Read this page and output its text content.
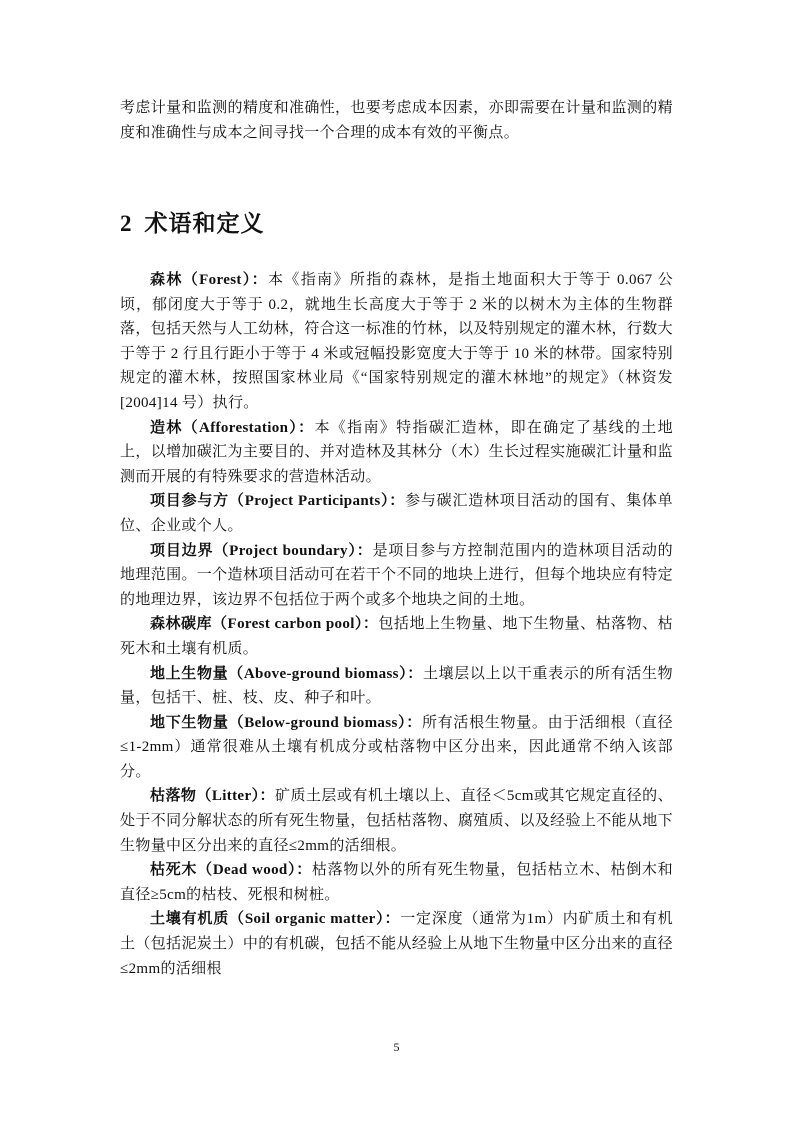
考虑计量和监测的精度和准确性，也要考虑成本因素，亦即需要在计量和监测的精度和准确性与成本之间寻找一个合理的成本有效的平衡点。

2 术语和定义

森林（Forest）：本《指南》所指的森林，是指土地面积大于等于 0.067 公顷，郁闭度大于等于 0.2，就地生长高度大于等于 2 米的以树木为主体的生物群落，包括天然与人工幼林，符合这一标准的竹林，以及特别规定的灌木林，行数大于等于 2 行且行距小于等于 4 米或冠幅投影宽度大于等于 10 米的林带。国家特别规定的灌木林，按照国家林业局《“国家特别规定的灌木林地”的规定》（林资发[2004]14 号）执行。

造林（Afforestation）：本《指南》特指碳汇造林，即在确定了基线的土地上，以增加碳汇为主要目的、并对造林及其林分（木）生长过程实施碳汇计量和监测而开展的有特殊要求的营造林活动。

项目参与方（Project Participants）：参与碳汇造林项目活动的国有、集体单位、企业或个人。

项目边界（Project boundary）：是项目参与方控制范围内的造林项目活动的地理范围。一个造林项目活动可在若干个不同的地块上进行，但每个地块应有特定的地理边界，该边界不包括位于两个或多个地块之间的土地。

森林碳库（Forest carbon pool）：包括地上生物量、地下生物量、枯落物、枯死木和土壤有机质。

地上生物量（Above-ground biomass）：土壤层以上以干重表示的所有活生物量，包括干、桩、枝、皮、种子和叶。

地下生物量（Below-ground biomass）：所有活根生物量。由于活细根（直径≤1-2mm）通常很难从土壤有机成分或枯落物中区分出来，因此通常不纳入该部分。

枯落物（Litter）：矿质土层或有机土壤以上、直径＜5cm或其它规定直径的、处于不同分解状态的所有死生物量，包括枯落物、腐殖质、以及经验上不能从地下生物量中区分出来的直径≤2mm的活细根。

枯死木（Dead wood）：枯落物以外的所有死生物量，包括枯立木、枯倒木和直径≥5cm的枯枝、死根和树桩。

土壤有机质（Soil organic matter）：一定深度（通常为1m）内矿质土和有机土（包括泥炭土）中的有机碳，包括不能从经验上从地下生物量中区分出来的直径≤2mm的活细根

5
